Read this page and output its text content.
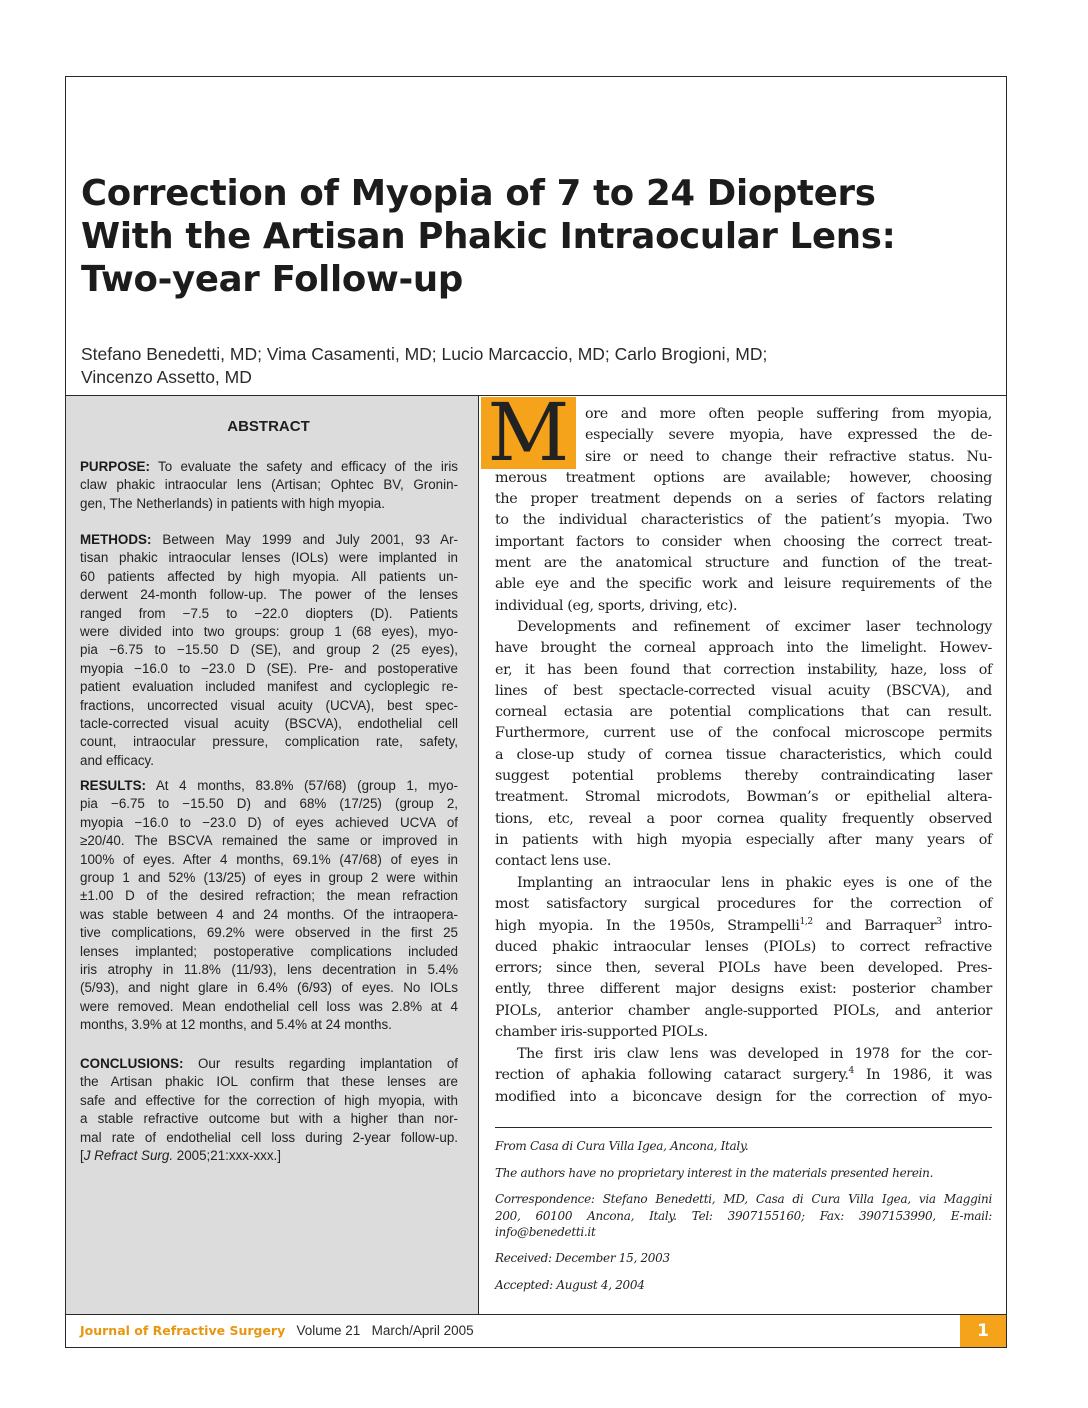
Correction of Myopia of 7 to 24 Diopters
With the Artisan Phakic Intraocular Lens:
Two-year Follow-up
Stefano Benedetti, MD; Vima Casamenti, MD; Lucio Marcaccio, MD; Carlo Brogioni, MD;
Vincenzo Assetto, MD
ABSTRACT
PURPOSE: To evaluate the safety and efficacy of the iris
claw phakic intraocular lens (Artisan; Ophtec BV, Gronin-
gen, The Netherlands) in patients with high myopia.
METHODS: Between May 1999 and July 2001, 93 Ar-
tisan phakic intraocular lenses (IOLs) were implanted in
60 patients affected by high myopia. All patients un-
derwent 24-month follow-up. The power of the lenses
ranged from −7.5 to −22.0 diopters (D). Patients
were divided into two groups: group 1 (68 eyes), myo-
pia −6.75 to −15.50 D (SE), and group 2 (25 eyes),
myopia −16.0 to −23.0 D (SE). Pre- and postoperative
patient evaluation included manifest and cycloplegic re-
fractions, uncorrected visual acuity (UCVA), best spec-
tacle-corrected visual acuity (BSCVA), endothelial cell
count, intraocular pressure, complication rate, safety,
and efficacy.
RESULTS: At 4 months, 83.8% (57/68) (group 1, myo-
pia −6.75 to −15.50 D) and 68% (17/25) (group 2,
myopia −16.0 to −23.0 D) of eyes achieved UCVA of
≥20/40. The BSCVA remained the same or improved in
100% of eyes. After 4 months, 69.1% (47/68) of eyes in
group 1 and 52% (13/25) of eyes in group 2 were within
±1.00 D of the desired refraction; the mean refraction
was stable between 4 and 24 months. Of the intraopera-
tive complications, 69.2% were observed in the first 25
lenses implanted; postoperative complications included
iris atrophy in 11.8% (11/93), lens decentration in 5.4%
(5/93), and night glare in 6.4% (6/93) of eyes. No IOLs
were removed. Mean endothelial cell loss was 2.8% at 4
months, 3.9% at 12 months, and 5.4% at 24 months.
CONCLUSIONS: Our results regarding implantation of
the Artisan phakic IOL confirm that these lenses are
safe and effective for the correction of high myopia, with
a stable refractive outcome but with a higher than nor-
mal rate of endothelial cell loss during 2-year follow-up.
[J Refract Surg. 2005;21:xxx-xxx.]
M	ore and more often people suffering from myopia,
especially severe myopia, have expressed the de-
sire or need to change their refractive status. Nu-
merous treatment options are available; however, choosing
the proper treatment depends on a series of factors relating
to the individual characteristics of the patient’s myopia. Two
important factors to consider when choosing the correct treat-
ment are the anatomical structure and function of the treat-
able eye and the specific work and leisure requirements of the
individual (eg, sports, driving, etc).
Developments and refinement of excimer laser technology
have brought the corneal approach into the limelight. Howev-
er, it has been found that correction instability, haze, loss of
lines of best spectacle-corrected visual acuity (BSCVA), and
corneal ectasia are potential complications that can result.
Furthermore, current use of the confocal microscope permits
a close-up study of cornea tissue characteristics, which could
suggest potential problems thereby contraindicating laser
treatment. Stromal microdots, Bowman’s or epithelial altera-
tions, etc, reveal a poor cornea quality frequently observed
in patients with high myopia especially after many years of
contact lens use.
Implanting an intraocular lens in phakic eyes is one of the
most satisfactory surgical procedures for the correction of
high myopia. In the 1950s, Strampelli$^{1,2}$ and Barraquer$^3$ intro-
duced phakic intraocular lenses (PIOLs) to correct refractive
errors; since then, several PIOLs have been developed. Pres-
ently, three different major designs exist: posterior chamber
PIOLs, anterior chamber angle-supported PIOLs, and anterior
chamber iris-supported PIOLs.
The first iris claw lens was developed in 1978 for the cor-
rection of aphakia following cataract surgery.$^4$ In 1986, it was
modified into a biconcave design for the correction of myo-
From Casa di Cura Villa Igea, Ancona, Italy.
The authors have no proprietary interest in the materials presented herein.
Correspondence: Stefano Benedetti, MD, Casa di Cura Villa Igea, via Maggini
200, 60100 Ancona, Italy. Tel: 3907155160; Fax: 3907153990, E-mail:
info@benedetti.it
Received: December 15, 2003
Accepted: August 4, 2004
Journal of Refractive Surgery Volume 21 March/April 2005	1
